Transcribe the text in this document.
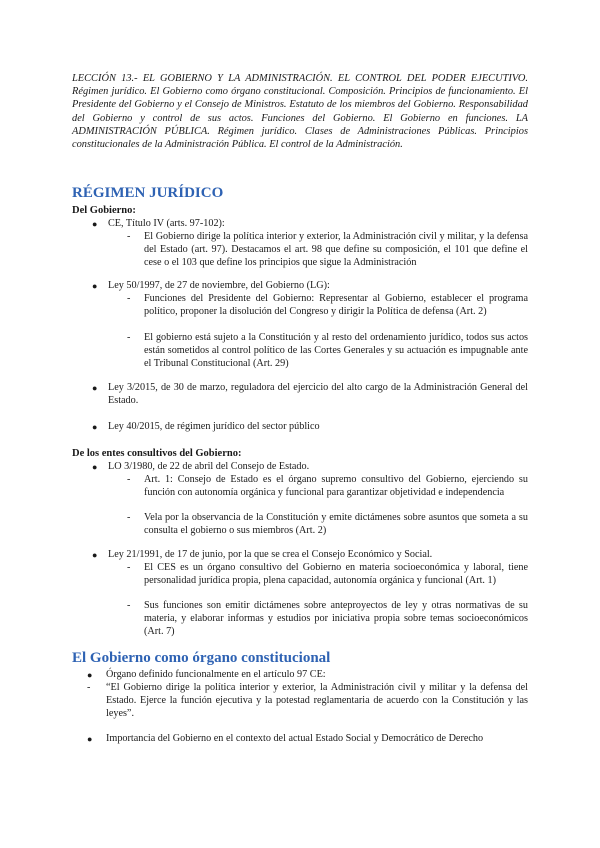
LECCIÓN 13.- EL GOBIERNO Y LA ADMINISTRACIÓN. EL CONTROL DEL PODER EJECUTIVO. Régimen jurídico. El Gobierno como órgano constitucional. Composición. Principios de funcionamiento. El Presidente del Gobierno y el Consejo de Ministros. Estatuto de los miembros del Gobierno. Responsabilidad del Gobierno y control de sus actos. Funciones del Gobierno. El Gobierno en funciones. LA ADMINISTRACIÓN PÚBLICA. Régimen jurídico. Clases de Administraciones Públicas. Principios constitucionales de la Administración Pública. El control de la Administración.

RÉGIMEN JURÍDICO
Del Gobierno:
● CE, Título IV (arts. 97-102):
- El Gobierno dirige la política interior y exterior, la Administración civil y militar, y la defensa del Estado (art. 97). Destacamos el art. 98 que define su composición, el 101 que define el cese o el 103 que define los principios que sigue la Administración
● Ley 50/1997, de 27 de noviembre, del Gobierno (LG):
- Funciones del Presidente del Gobierno: Representar al Gobierno, establecer el programa político, proponer la disolución del Congreso y dirigir la Política de defensa (Art. 2)
- El gobierno está sujeto a la Constitución y al resto del ordenamiento jurídico, todos sus actos están sometidos al control político de las Cortes Generales y su actuación es impugnable ante el Tribunal Constitucional (Art. 29)
● Ley 3/2015, de 30 de marzo, reguladora del ejercicio del alto cargo de la Administración General del Estado.
● Ley 40/2015, de régimen jurídico del sector público
De los entes consultivos del Gobierno:
● LO 3/1980, de 22 de abril del Consejo de Estado.
- Art. 1: Consejo de Estado es el órgano supremo consultivo del Gobierno, ejerciendo su función con autonomía orgánica y funcional para garantizar objetividad e independencia
- Vela por la observancia de la Constitución y emite dictámenes sobre asuntos que someta a su consulta el gobierno o sus miembros (Art. 2)
● Ley 21/1991, de 17 de junio, por la que se crea el Consejo Económico y Social.
- El CES es un órgano consultivo del Gobierno en materia socioeconómica y laboral, tiene personalidad jurídica propia, plena capacidad, autonomía orgánica y funcional (Art. 1)
- Sus funciones son emitir dictámenes sobre anteproyectos de ley y otras normativas de su materia, y elaborar informas y estudios por iniciativa propia sobre temas socioeconómicos (Art. 7)
El Gobierno como órgano constitucional
● Órgano definido funcionalmente en el artículo 97 CE:
- “El Gobierno dirige la política interior y exterior, la Administración civil y militar y la defensa del Estado. Ejerce la función ejecutiva y la potestad reglamentaria de acuerdo con la Constitución y las leyes”.
● Importancia del Gobierno en el contexto del actual Estado Social y Democrático de Derecho
